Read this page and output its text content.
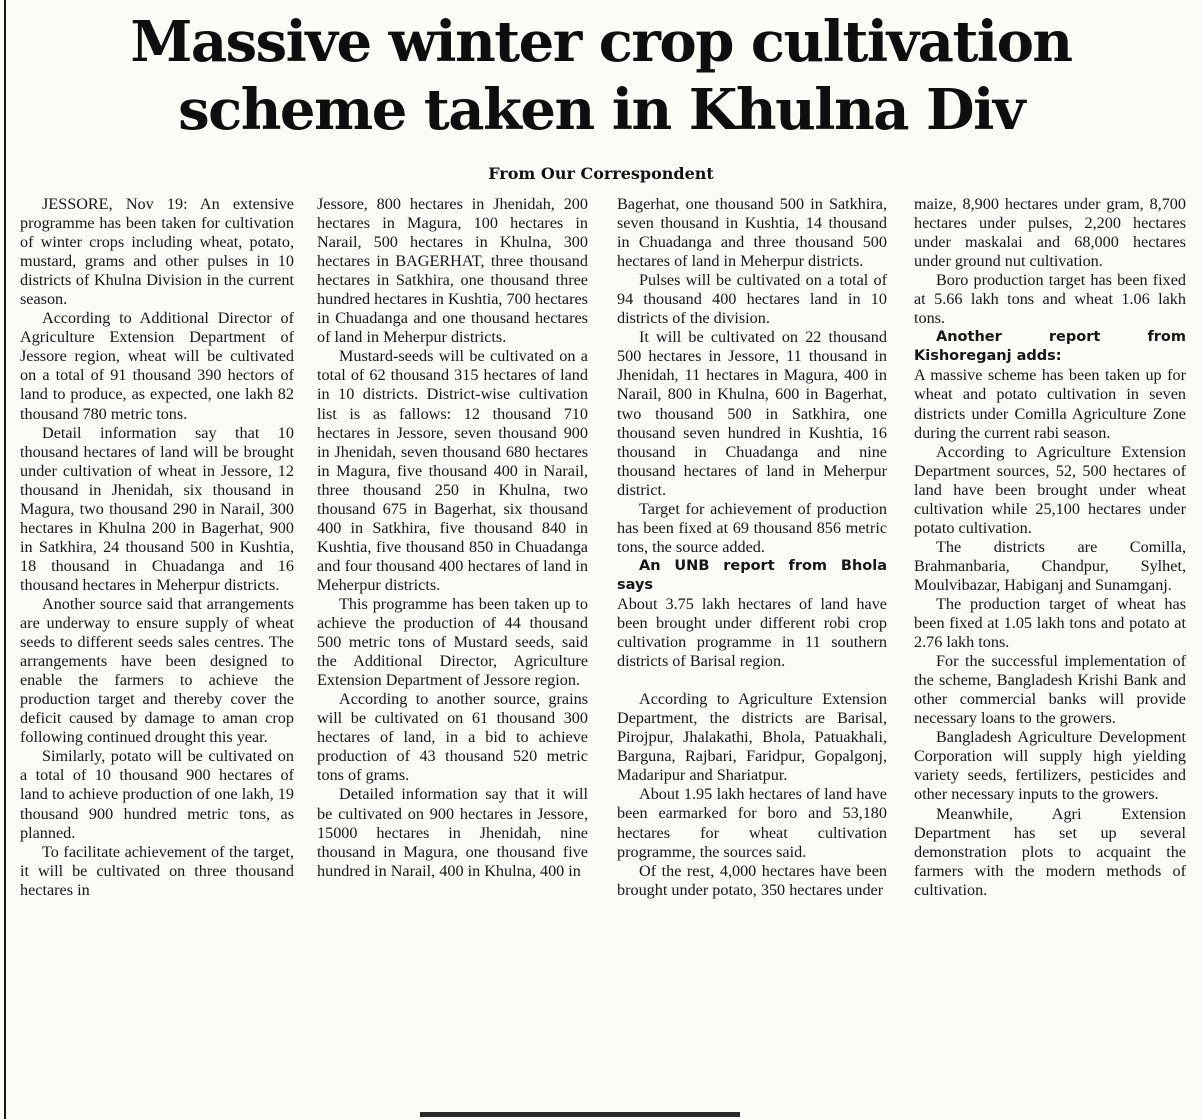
Massive winter crop cultivation
scheme taken in Khulna Div
From Our Correspondent

JESSORE, Nov 19: An extensive programme has been taken for cultivation of winter crops including wheat, potato, mustard, grams and other pulses in 10 districts of Khulna Division in the current season.

According to Additional Director of Agriculture Extension Department of Jessore region, wheat will be cultivated on a total of 91 thousand 390 hectors of land to produce, as expected, one lakh 82 thousand 780 metric tons.

Detail information say that 10 thousand hectares of land will be brought under cultivation of wheat in Jessore, 12 thousand in Jhenidah, six thousand in Magura, two thousand 290 in Narail, 300 hectares in Khulna 200 in Bagerhat, 900 in Satkhira, 24 thousand 500 in Kushtia, 18 thousand in Chuadanga and 16 thousand hectares in Meherpur districts.

Another source said that arrangements are underway to ensure supply of wheat seeds to different seeds sales centres. The arrangements have been designed to enable the farmers to achieve the production target and thereby cover the deficit caused by damage to aman crop following continued drought this year.

Similarly, potato will be cultivated on a total of 10 thousand 900 hectares of land to achieve production of one lakh, 19 thousand 900 hundred metric tons, as planned.

To facilitate achievement of the target, it will be cultivated on three thousand hectares in

Jessore, 800 hectares in Jhenidah, 200 hectares in Magura, 100 hectares in Narail, 500 hectares in Khulna, 300 hectares in BAGERHAT, three thousand hectares in Satkhira, one thousand three hundred hectares in Kushtia, 700 hectares in Chuadanga and one thousand hectares of land in Meherpur districts.

Mustard-seeds will be cultivated on a total of 62 thousand 315 hectares of land in 10 districts. District-wise cultivation list is as fallows: 12 thousand 710 hectares in Jessore, seven thousand 900 in Jhenidah, seven thousand 680 hectares in Magura, five thousand 400 in Narail, three thousand 250 in Khulna, two thousand 675 in Bagerhat, six thousand 400 in Satkhira, five thousand 840 in Kushtia, five thousand 850 in Chuadanga and four thousand 400 hectares of land in Meherpur districts.

This programme has been taken up to achieve the production of 44 thousand 500 metric tons of Mustard seeds, said the Additional Director, Agriculture Extension Department of Jessore region.

According to another source, grains will be cultivated on 61 thousand 300 hectares of land, in a bid to achieve production of 43 thousand 520 metric tons of grams.

Detailed information say that it will be cultivated on 900 hectares in Jessore, 15000 hectares in Jhenidah, nine thousand in Magura, one thousand five hundred in Narail, 400 in Khulna, 400 in

Bagerhat, one thousand 500 in Satkhira, seven thousand in Kushtia, 14 thousand in Chuadanga and three thousand 500 hectares of land in Meherpur districts.

Pulses will be cultivated on a total of 94 thousand 400 hectares land in 10 districts of the division.

It will be cultivated on 22 thousand 500 hectares in Jessore, 11 thousand in Jhenidah, 11 hectares in Magura, 400 in Narail, 800 in Khulna, 600 in Bagerhat, two thousand 500 in Satkhira, one thousand seven hundred in Kushtia, 16 thousand in Chuadanga and nine thousand hectares of land in Meherpur district.

Target for achievement of production has been fixed at 69 thousand 856 metric tons, the source added.

An UNB report from Bhola says

About 3.75 lakh hectares of land have been brought under different robi crop cultivation programme in 11 southern districts of Barisal region.

According to Agriculture Extension Department, the districts are Barisal, Pirojpur, Jhalakathi, Bhola, Patuakhali, Barguna, Rajbari, Faridpur, Gopalgonj, Madaripur and Shariatpur.

About 1.95 lakh hectares of land have been earmarked for boro and 53,180 hectares for wheat cultivation programme, the sources said.

Of the rest, 4,000 hectares have been brought under potato, 350 hectares under

maize, 8,900 hectares under gram, 8,700 hectares under pulses, 2,200 hectares under maskalai and 68,000 hectares under ground nut cultivation.

Boro production target has been fixed at 5.66 lakh tons and wheat 1.06 lakh tons.

Another report from Kishoreganj adds:

A massive scheme has been taken up for wheat and potato cultivation in seven districts under Comilla Agriculture Zone during the current rabi season.

According to Agriculture Extension Department sources, 52, 500 hectares of land have been brought under wheat cultivation while 25,100 hectares under potato cultivation.

The districts are Comilla, Brahmanbaria, Chandpur, Sylhet, Moulvibazar, Habiganj and Sunamganj.

The production target of wheat has been fixed at 1.05 lakh tons and potato at 2.76 lakh tons.

For the successful implementation of the scheme, Bangladesh Krishi Bank and other commercial banks will provide necessary loans to the growers.

Bangladesh Agriculture Development Corporation will supply high yielding variety seeds, fertilizers, pesticides and other necessary inputs to the growers.

Meanwhile, Agri Extension Department has set up several demonstration plots to acquaint the farmers with the modern methods of cultivation.
